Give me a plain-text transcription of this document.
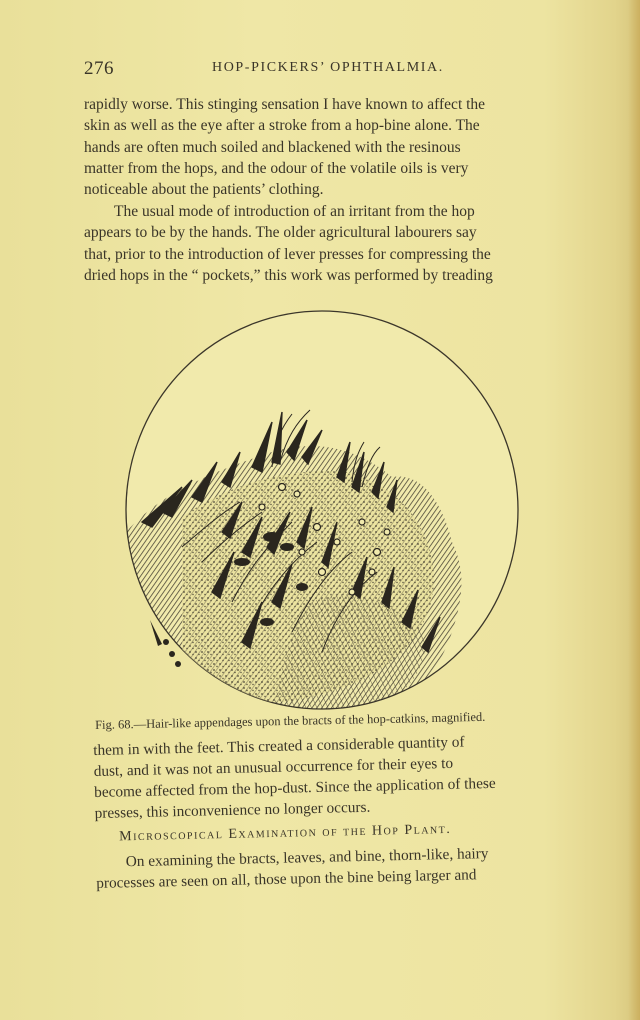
276	HOP-PICKERS’ OPHTHALMIA.

rapidly worse. This stinging sensation I have known to affect the
skin as well as the eye after a stroke from a hop-bine alone. The
hands are often much soiled and blackened with the resinous
matter from the hops, and the odour of the volatile oils is very
noticeable about the patients’ clothing.

The usual mode of introduction of an irritant from the hop
appears to be by the hands. The older agricultural labourers say
that, prior to the introduction of lever presses for compressing the
dried hops in the “ pockets,” this work was performed by treading

Fig. 68.—Hair-like appendages upon the bracts of the hop-catkins, magnified.

them in with the feet. This created a considerable quantity of
dust, and it was not an unusual occurrence for their eyes to
become affected from the hop-dust. Since the application of these
presses, this inconvenience no longer occurs.

Microscopical Examination of the Hop Plant.

On examining the bracts, leaves, and bine, thorn-like, hairy
processes are seen on all, those upon the bine being larger and
